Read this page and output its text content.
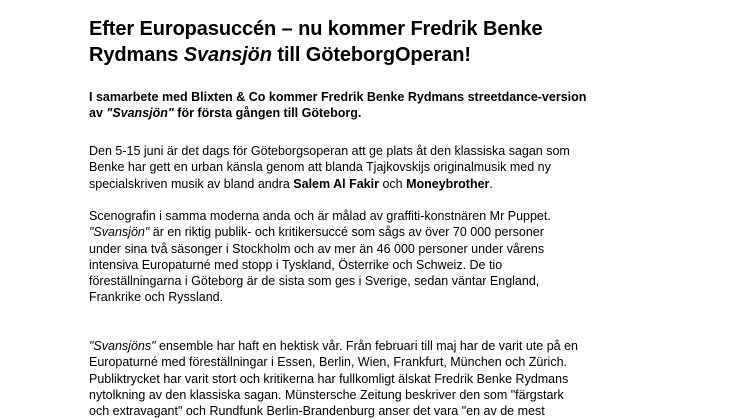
Efter Europasuccén – nu kommer Fredrik Benke
Rydmans Svansjön till GöteborgOperan!

I samarbete med Blixten & Co kommer Fredrik Benke Rydmans streetdance-version
av "Svansjön" för första gången till Göteborg.

Den 5-15 juni är det dags för Göteborgsoperan att ge plats åt den klassiska sagan som
Benke har gett en urban känsla genom att blanda Tjajkovskijs originalmusik med ny
specialskriven musik av bland andra Salem Al Fakir och Moneybrother.

Scenografin i samma moderna anda och är målad av graffiti-konstnären Mr Puppet.
"Svansjön" är en riktig publik- och kritikersuccé som sågs av över 70 000 personer
under sina två säsonger i Stockholm och av mer än 46 000 personer under vårens
intensiva Europaturné med stopp i Tyskland, Österrike och Schweiz. De tio
föreställningarna i Göteborg är de sista som ges i Sverige, sedan väntar England,
Frankrike och Ryssland.

"Svansjöns" ensemble har haft en hektisk vår. Från februari till maj har de varit ute på en
Europaturné med föreställningar i Essen, Berlin, Wien, Frankfurt, München och Zürich.
Publiktrycket har varit stort och kritikerna har fullkomligt älskat Fredrik Benke Rydmans
nytolkning av den klassiska sagan. Münstersche Zeitung beskriver den som "färgstark
och extravagant" och Rundfunk Berlin-Brandenburg anser det vara "en av de mest
